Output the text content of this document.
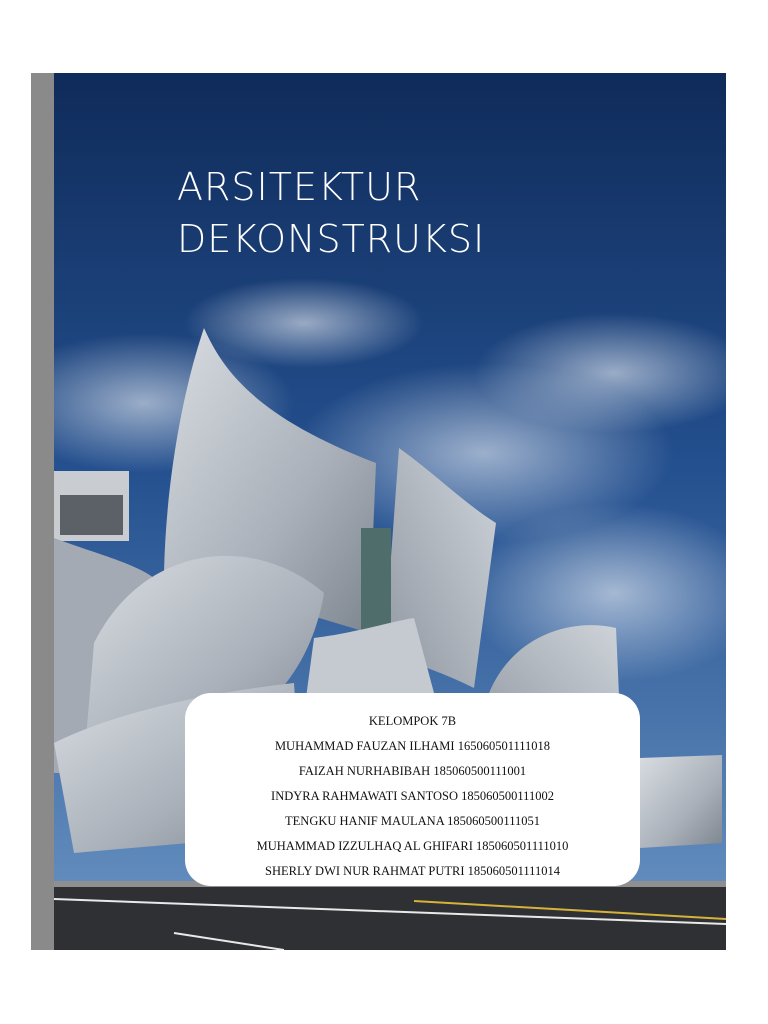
ARSITEKTUR
DEKONSTRUKSI
KELOMPOK 7B
MUHAMMAD FAUZAN ILHAMI 165060501111018
FAIZAH NURHABIBAH 185060500111001
INDYRA RAHMAWATI SANTOSO 185060500111002
TENGKU HANIF MAULANA 185060500111051
MUHAMMAD IZZULHAQ AL GHIFARI 185060501111010
SHERLY DWI NUR RAHMAT PUTRI 185060501111014
